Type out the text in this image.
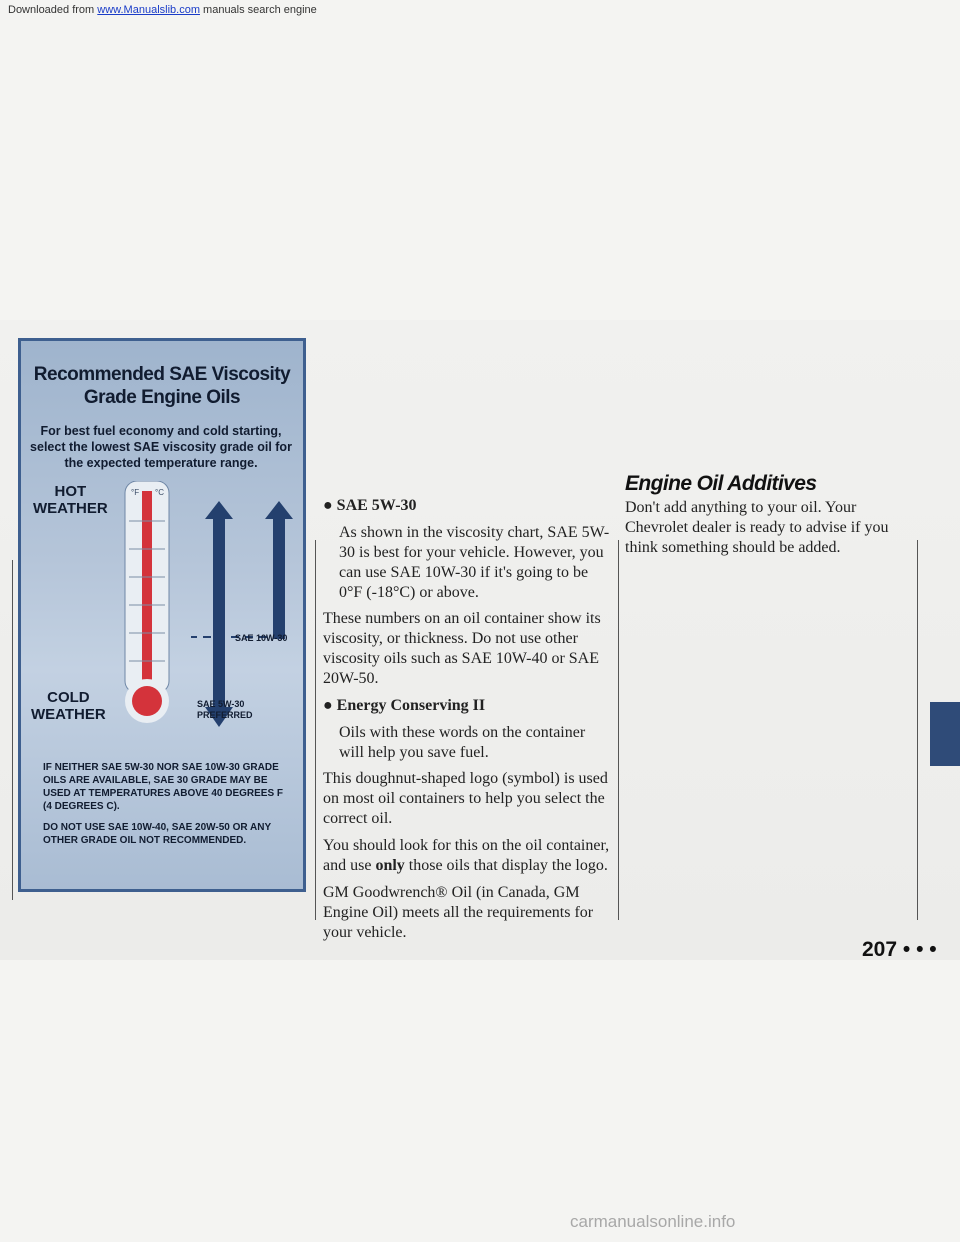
Downloaded from www.Manualslib.com manuals search engine
Recommended SAE Viscosity
Grade Engine Oils
For best fuel economy and cold starting, select the lowest SAE viscosity grade oil for the expected temperature range.
HOT
WEATHER
COLD
WEATHER
°F °C
SAE 10W-30
SAE 5W-30
PREFERRED
IF NEITHER SAE 5W-30 NOR SAE 10W-30 GRADE OILS ARE AVAILABLE, SAE 30 GRADE MAY BE USED AT TEMPERATURES ABOVE 40 DEGREES F (4 DEGREES C).
DO NOT USE SAE 10W-40, SAE 20W-50 OR ANY OTHER GRADE OIL NOT RECOMMENDED.

● SAE 5W-30

As shown in the viscosity chart, SAE 5W-30 is best for your vehicle. However, you can use SAE 10W-30 if it's going to be 0°F (-18°C) or above.

These numbers on an oil container show its viscosity, or thickness. Do not use other viscosity oils such as SAE 10W-40 or SAE 20W-50.

● Energy Conserving II

Oils with these words on the container will help you save fuel.

This doughnut-shaped logo (symbol) is used on most oil containers to help you select the correct oil.

You should look for this on the oil container, and use only those oils that display the logo.

GM Goodwrench® Oil (in Canada, GM Engine Oil) meets all the requirements for your vehicle.

Engine Oil Additives

Don't add anything to your oil. Your Chevrolet dealer is ready to advise if you think something should be added.

207 • • •
carmanualsonline.info
